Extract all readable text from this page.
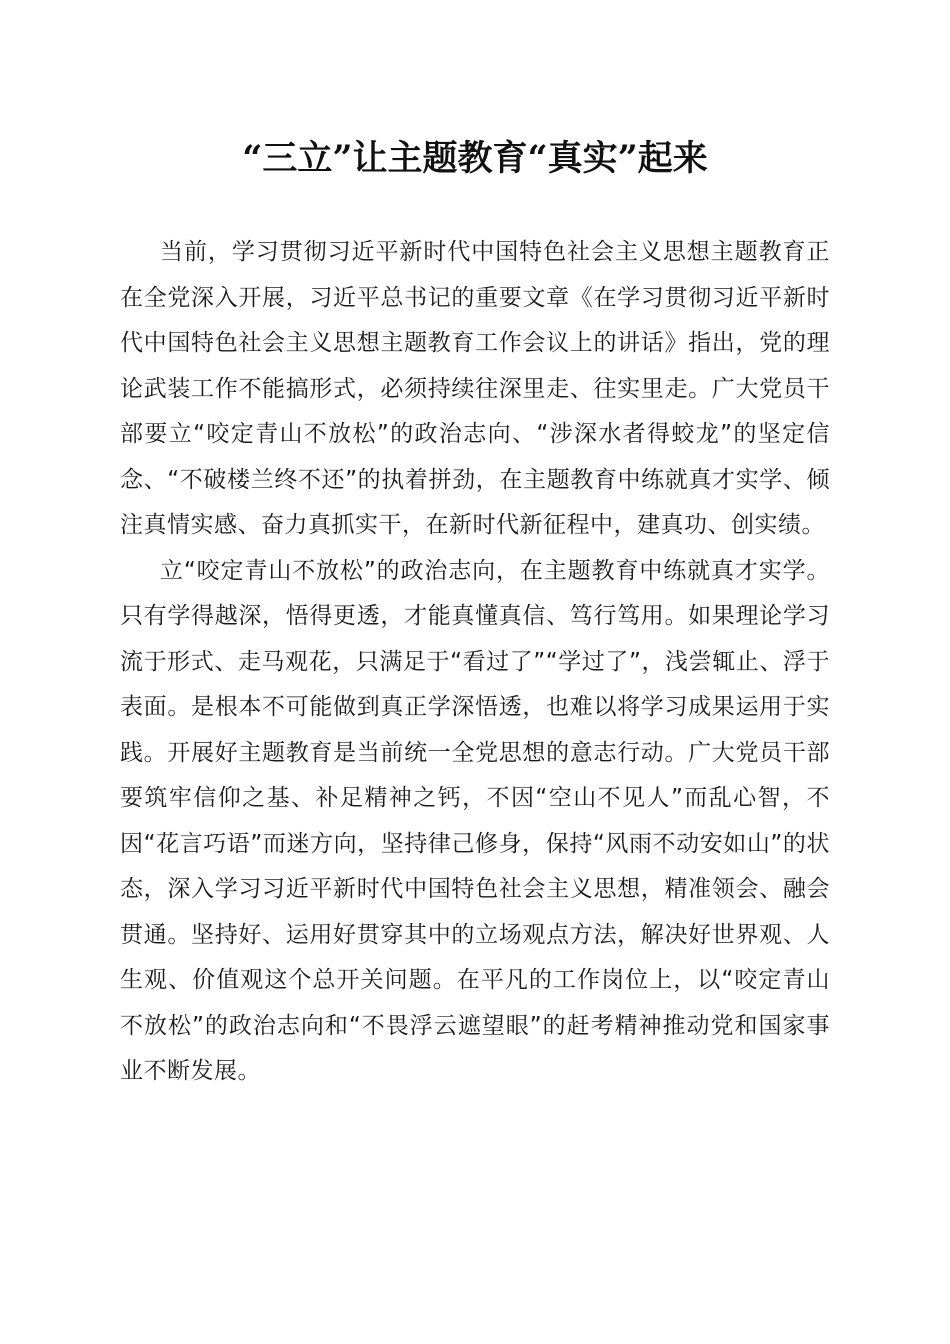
“三立”让主题教育“真实”起来

当前，学习贯彻习近平新时代中国特色社会主义思想主题教育正在全党深入开展，习近平总书记的重要文章《在学习贯彻习近平新时代中国特色社会主义思想主题教育工作会议上的讲话》指出，党的理论武装工作不能搞形式，必须持续往深里走、往实里走。广大党员干部要立“咬定青山不放松”的政治志向、“涉深水者得蛟龙”的坚定信念、“不破楼兰终不还”的执着拼劲，在主题教育中练就真才实学、倾注真情实感、奋力真抓实干，在新时代新征程中，建真功、创实绩。

立“咬定青山不放松”的政治志向，在主题教育中练就真才实学。只有学得越深，悟得更透，才能真懂真信、笃行笃用。如果理论学习流于形式、走马观花，只满足于“看过了”“学过了”，浅尝辄止、浮于表面。是根本不可能做到真正学深悟透，也难以将学习成果运用于实践。开展好主题教育是当前统一全党思想的意志行动。广大党员干部要筑牢信仰之基、补足精神之钙，不因“空山不见人”而乱心智，不因“花言巧语”而迷方向，坚持律己修身，保持“风雨不动安如山”的状态，深入学习习近平新时代中国特色社会主义思想，精准领会、融会贯通。坚持好、运用好贯穿其中的立场观点方法，解决好世界观、人生观、价值观这个总开关问题。在平凡的工作岗位上，以“咬定青山不放松”的政治志向和“不畏浮云遮望眼”的赶考精神推动党和国家事业不断发展。
